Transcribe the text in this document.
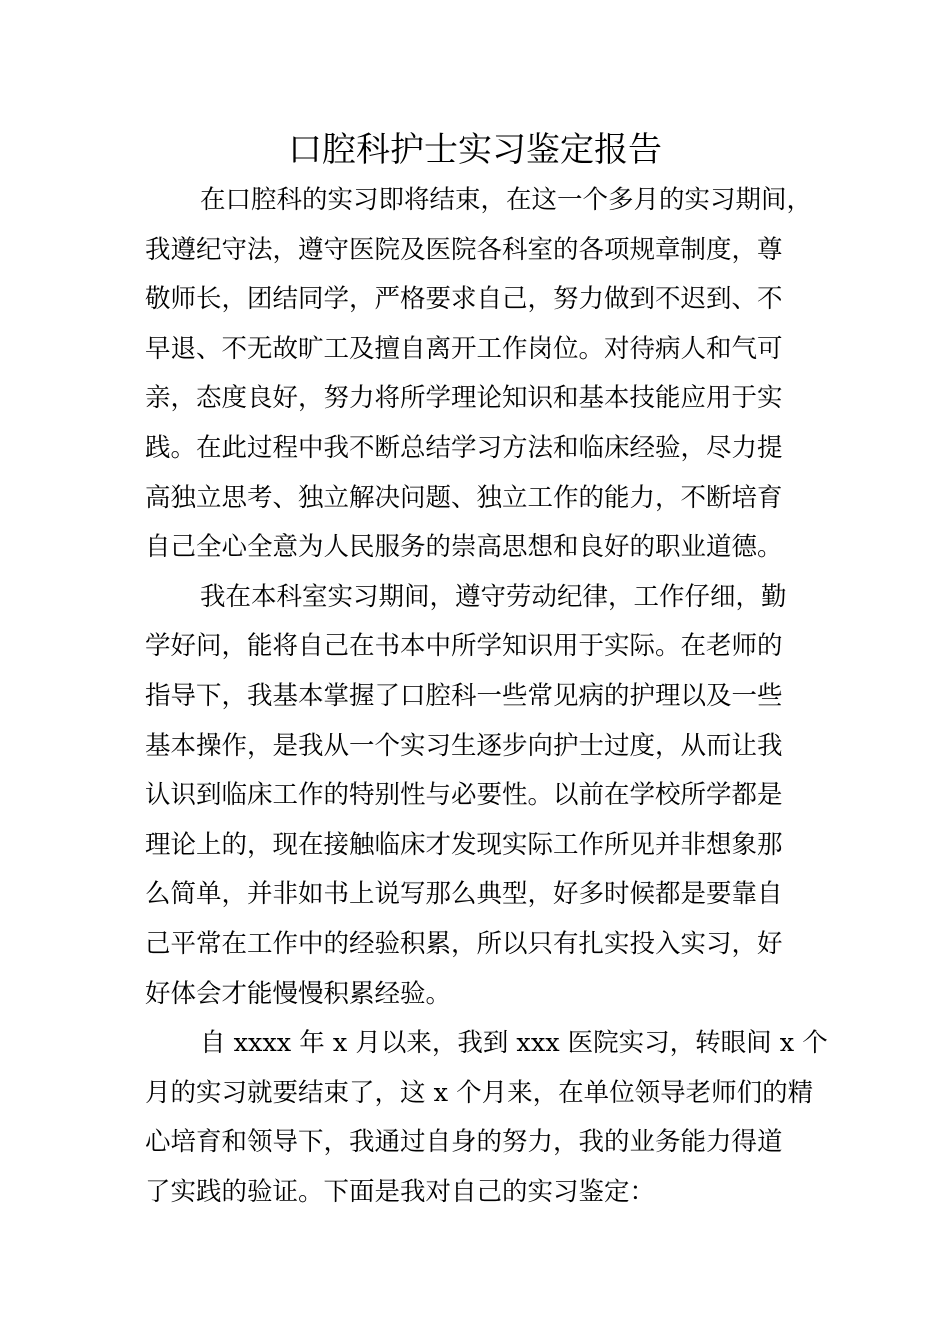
口腔科护士实习鉴定报告
在口腔科的实习即将结束，在这一个多月的实习期间，
我遵纪守法，遵守医院及医院各科室的各项规章制度，尊
敬师长，团结同学，严格要求自己，努力做到不迟到、不
早退、不无故旷工及擅自离开工作岗位。对待病人和气可
亲，态度良好，努力将所学理论知识和基本技能应用于实
践。在此过程中我不断总结学习方法和临床经验，尽力提
高独立思考、独立解决问题、独立工作的能力，不断培育
自己全心全意为人民服务的崇高思想和良好的职业道德。
我在本科室实习期间，遵守劳动纪律，工作仔细，勤
学好问，能将自己在书本中所学知识用于实际。在老师的
指导下，我基本掌握了口腔科一些常见病的护理以及一些
基本操作，是我从一个实习生逐步向护士过度，从而让我
认识到临床工作的特别性与必要性。以前在学校所学都是
理论上的，现在接触临床才发现实际工作所见并非想象那
么简单，并非如书上说写那么典型，好多时候都是要靠自
己平常在工作中的经验积累，所以只有扎实投入实习，好
好体会才能慢慢积累经验。
自 xxxx 年 x 月以来，我到 xxx 医院实习，转眼间 x 个
月的实习就要结束了，这 x 个月来，在单位领导老师们的精
心培育和领导下，我通过自身的努力，我的业务能力得道
了实践的验证。下面是我对自己的实习鉴定：
